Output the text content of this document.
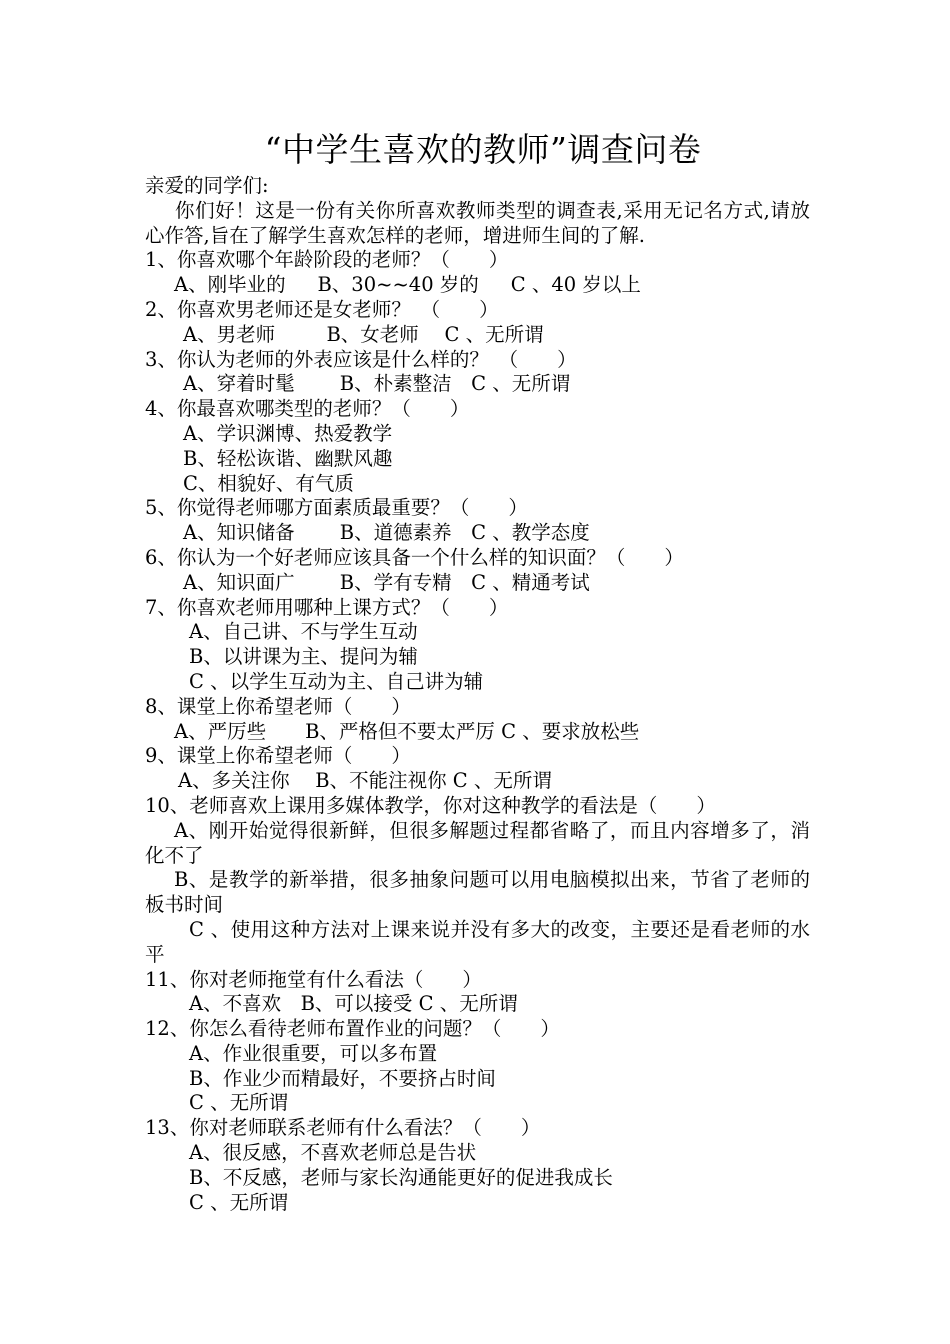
“中学生喜欢的教师”调查问卷
亲爱的同学们:
你们好！这是一份有关你所喜欢教师类型的调查表,采用无记名方式,请放心作答,旨在了解学生喜欢怎样的老师，增进师生间的了解.
1、你喜欢哪个年龄阶段的老师？（　　）
A、刚毕业的　  B、30~~40 岁的　  C 、40 岁以上
2、你喜欢男老师还是女老师？　（　　）
A、男老师　　  B、女老师　 C 、无所谓
3、你认为老师的外表应该是什么样的？　（　　）
A、穿着时髦　　 B、朴素整洁　C 、无所谓
4、你最喜欢哪类型的老师？（　　）
A、学识渊博、热爱教学
B、轻松诙谐、幽默风趣
C、相貌好、有气质
5、你觉得老师哪方面素质最重要？（　　）
A、知识储备　　 B、道德素养　C 、教学态度
6、你认为一个好老师应该具备一个什么样的知识面？（　　）
A、知识面广　　 B、学有专精　C 、精通考试
7、你喜欢老师用哪种上课方式？（　　）
A、自己讲、不与学生互动
B、以讲课为主、提问为辅
C 、以学生互动为主、自己讲为辅
8、课堂上你希望老师（　　）
A、严厉些　　B、严格但不要太严厉 C 、要求放松些
9、课堂上你希望老师（　　）
A、多关注你　 B、不能注视你 C 、无所谓
10、老师喜欢上课用多媒体教学，你对这种教学的看法是（　　）
A、刚开始觉得很新鲜，但很多解题过程都省略了，而且内容增多了，消化不了
B、是教学的新举措，很多抽象问题可以用电脑模拟出来，节省了老师的板书时间
C 、使用这种方法对上课来说并没有多大的改变，主要还是看老师的水平
11、你对老师拖堂有什么看法（　　）
A、不喜欢　B、可以接受 C 、无所谓
12、你怎么看待老师布置作业的问题？（　　）
A、作业很重要，可以多布置
B、作业少而精最好，不要挤占时间
C 、无所谓
13、你对老师联系老师有什么看法？（　　）
A、很反感，不喜欢老师总是告状
B、不反感，老师与家长沟通能更好的促进我成长
C 、无所谓
